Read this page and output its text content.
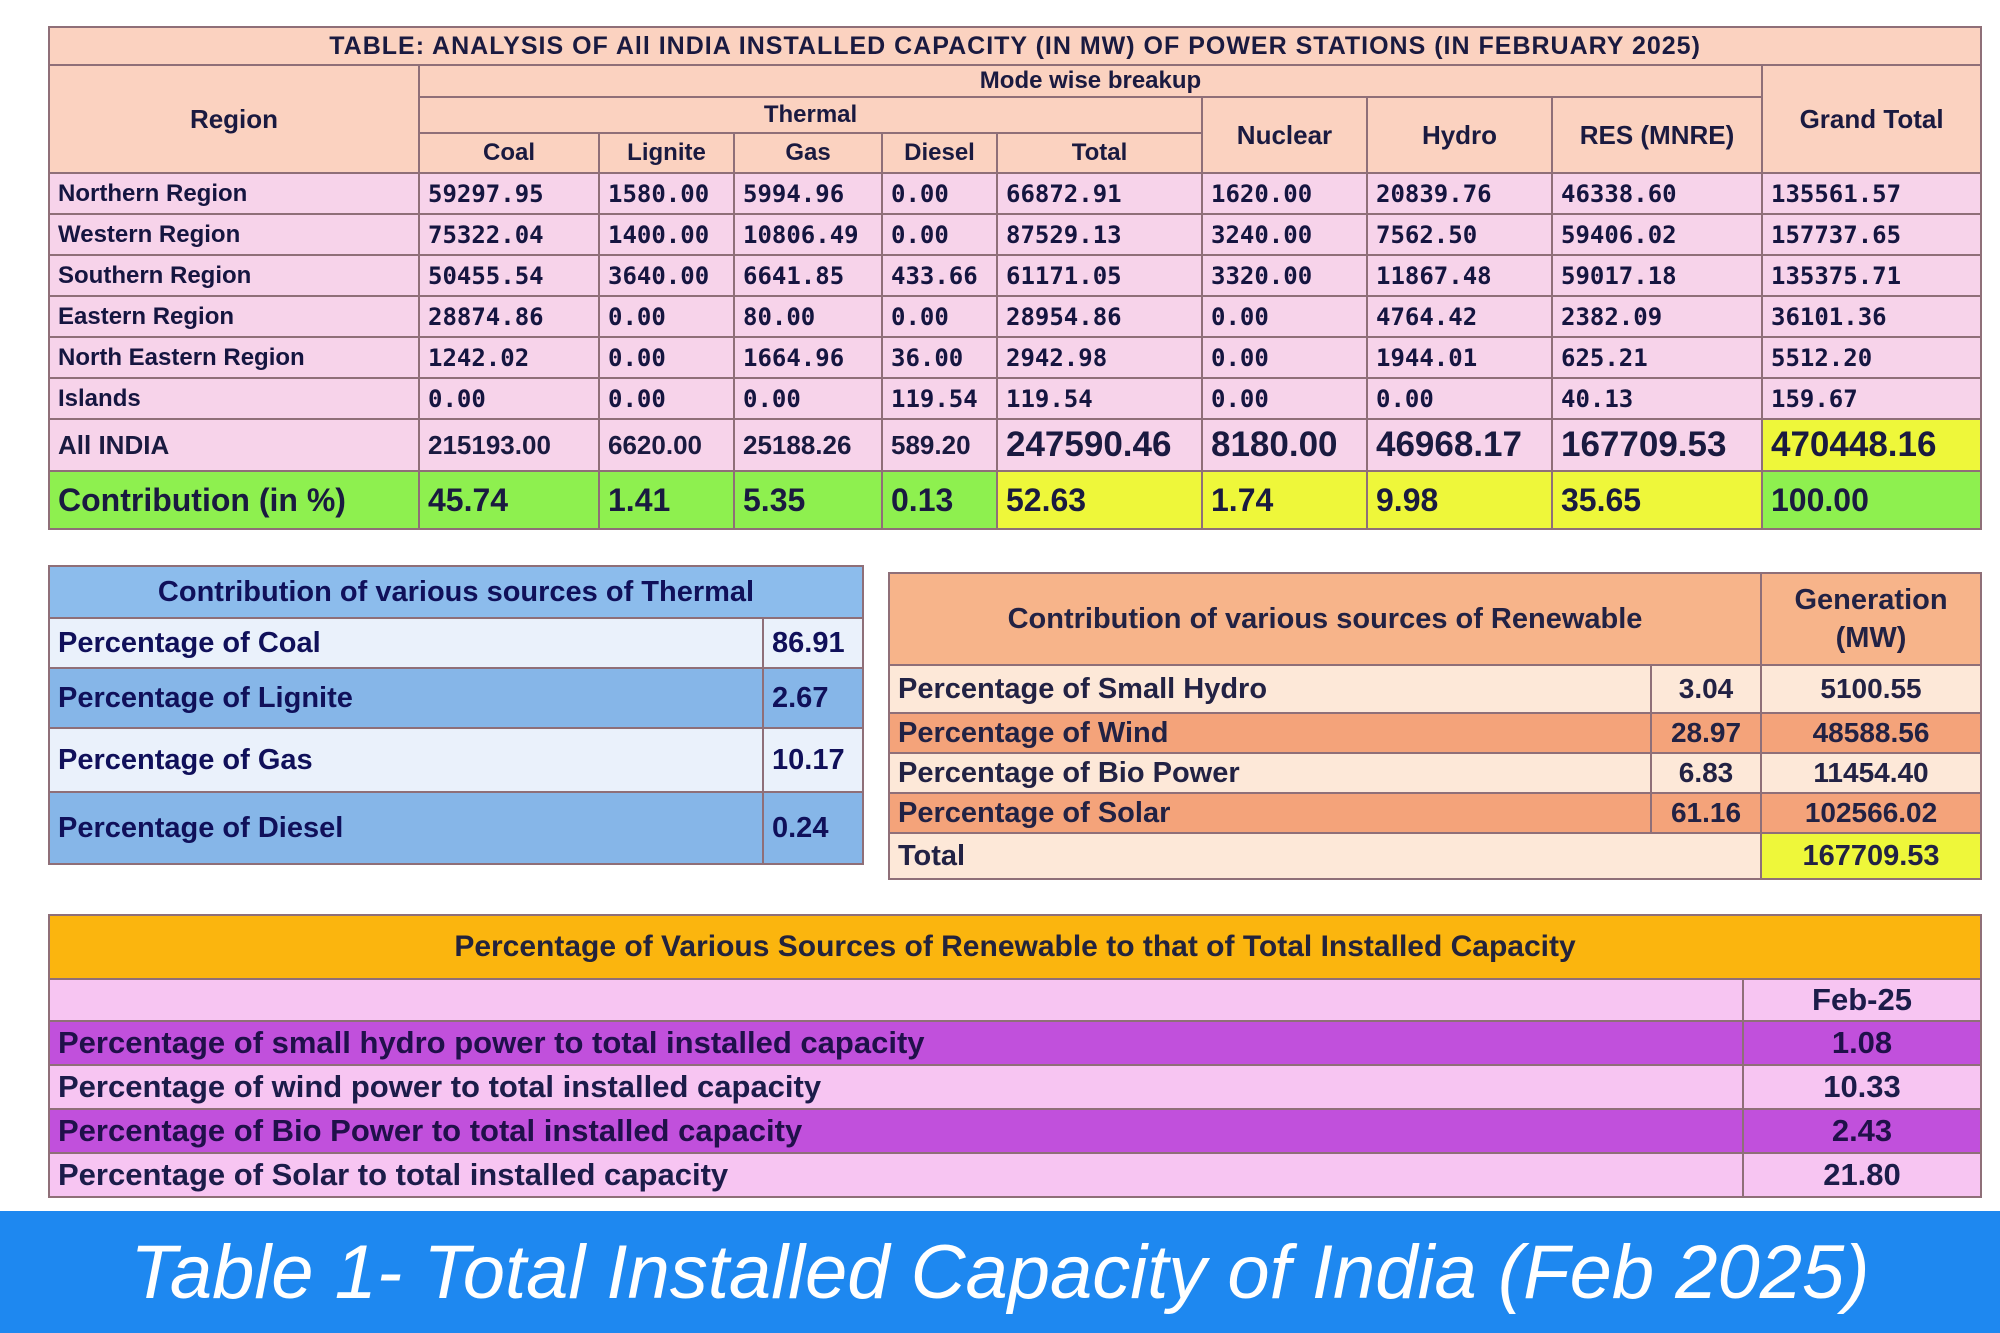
TABLE: ANALYSIS OF All INDIA INSTALLED CAPACITY (IN MW) OF POWER STATIONS (IN FEBRUARY 2025)									
Region	Mode wise breakup								Grand Total
	Thermal					Nuclear	Hydro	RES (MNRE)	
	Coal	Lignite	Gas	Diesel	Total				
Northern Region	59297.95	1580.00	5994.96	0.00	66872.91	1620.00	20839.76	46338.60	135561.57
Western Region	75322.04	1400.00	10806.49	0.00	87529.13	3240.00	7562.50	59406.02	157737.65
Southern Region	50455.54	3640.00	6641.85	433.66	61171.05	3320.00	11867.48	59017.18	135375.71
Eastern Region	28874.86	0.00	80.00	0.00	28954.86	0.00	4764.42	2382.09	36101.36
North Eastern Region	1242.02	0.00	1664.96	36.00	2942.98	0.00	1944.01	625.21	5512.20
Islands	0.00	0.00	0.00	119.54	119.54	0.00	0.00	40.13	159.67
All INDIA	215193.00	6620.00	25188.26	589.20	247590.46	8180.00	46968.17	167709.53	470448.16
Contribution (in %)	45.74	1.41	5.35	0.13	52.63	1.74	9.98	35.65	100.00
Contribution of various sources of Thermal	
Percentage of Coal	86.91
Percentage of Lignite	2.67
Percentage of Gas	10.17
Percentage of Diesel	0.24
Contribution of various sources of Renewable		Generation (MW)
Percentage of Small Hydro	3.04	5100.55
Percentage of Wind	28.97	48588.56
Percentage of Bio Power	6.83	11454.40
Percentage of Solar	61.16	102566.02
Total		167709.53
Percentage of Various Sources of Renewable to that of Total Installed Capacity	
	Feb-25
Percentage of small hydro power to total installed capacity	1.08
Percentage of wind power to total installed capacity	10.33
Percentage of Bio Power to total installed capacity	2.43
Percentage of Solar to total installed capacity	21.80
Table 1- Total Installed Capacity of India (Feb 2025)
